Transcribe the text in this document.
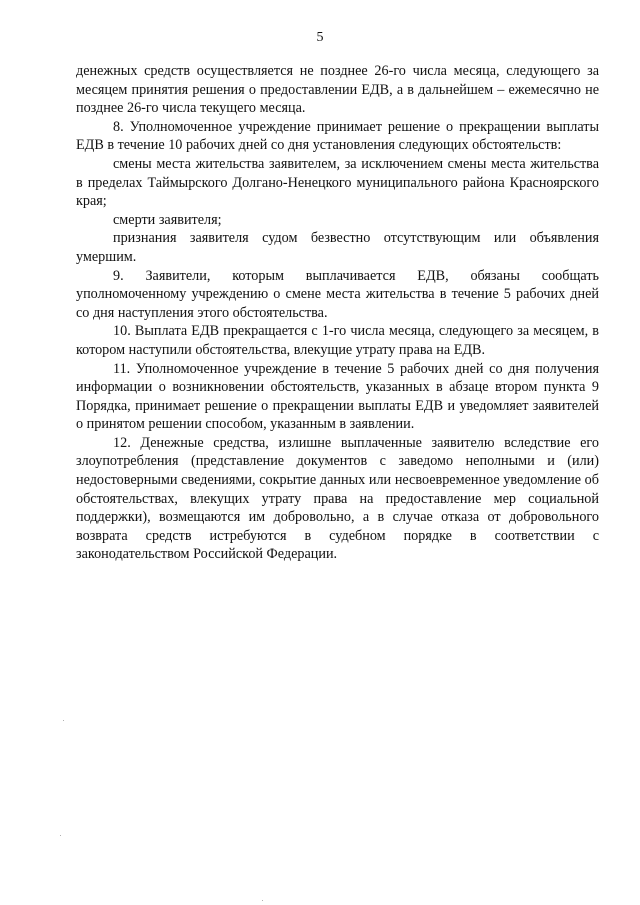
5

денежных средств осуществляется не позднее 26-го числа месяца, следующего за месяцем принятия решения о предоставлении ЕДВ, а в дальнейшем – ежемесячно не позднее 26-го числа текущего месяца.

8. Уполномоченное учреждение принимает решение о прекращении выплаты ЕДВ в течение 10 рабочих дней со дня установления следующих обстоятельств:

смены места жительства заявителем, за исключением смены места жительства в пределах Таймырского Долгано-Ненецкого муниципального района Красноярского края;

смерти заявителя;

признания заявителя судом безвестно отсутствующим или объявления умершим.

9. Заявители, которым выплачивается ЕДВ, обязаны сообщать уполномоченному учреждению о смене места жительства в течение 5 рабочих дней со дня наступления этого обстоятельства.

10. Выплата ЕДВ прекращается с 1-го числа месяца, следующего за месяцем, в котором наступили обстоятельства, влекущие утрату права на ЕДВ.

11. Уполномоченное учреждение в течение 5 рабочих дней со дня получения информации о возникновении обстоятельств, указанных в абзаце втором пункта 9 Порядка, принимает решение о прекращении выплаты ЕДВ и уведомляет заявителей о принятом решении способом, указанным в заявлении.

12. Денежные средства, излишне выплаченные заявителю вследствие его злоупотребления (представление документов с заведомо неполными и (или) недостоверными сведениями, сокрытие данных или несвоевременное уведомление об обстоятельствах, влекущих утрату права на предоставление мер социальной поддержки), возмещаются им добровольно, а в случае отказа от добровольного возврата средств истребуются в судебном порядке в соответствии с законодательством Российской Федерации.
